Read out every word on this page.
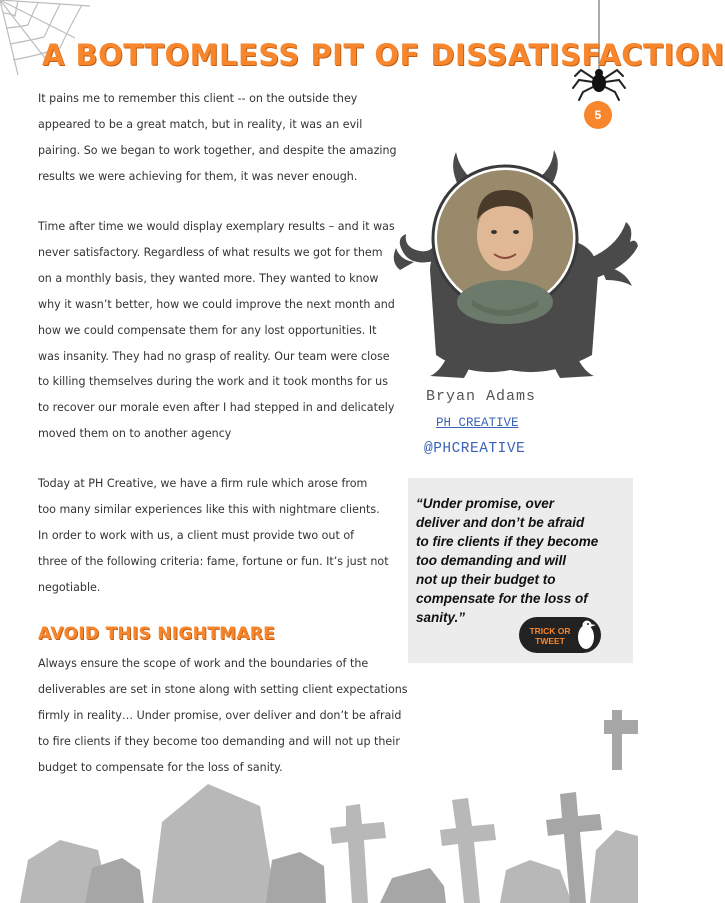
5
A BOTTOMLESS PIT OF DISSATISFACTION
It pains me to remember this client -- on the outside they
appeared to be a great match, but in reality, it was an evil
pairing. So we began to work together, and despite the amazing
results we were achieving for them, it was never enough.
Time after time we would display exemplary results – and it was
never satisfactory. Regardless of what results we got for them
on a monthly basis, they wanted more. They wanted to know
why it wasn’t better, how we could improve the next month and
how we could compensate them for any lost opportunities. It
was insanity. They had no grasp of reality. Our team were close
to killing themselves during the work and it took months for us
to recover our morale even after I had stepped in and delicately
moved them on to another agency
Today at PH Creative, we have a firm rule which arose from
too many similar experiences like this with nightmare clients.
In order to work with us, a client must provide two out of
three of the following criteria: fame, fortune or fun. It’s just not
negotiable.
AVOID THIS NIGHTMARE
Always ensure the scope of work and the boundaries of the
deliverables are set in stone along with setting client expectations
firmly in reality… Under promise, over deliver and don’t be afraid
to fire clients if they become too demanding and will not up their
budget to compensate for the loss of sanity.
Bryan Adams
PH CREATIVE
@PHCREATIVE
“Under promise, over
deliver and don’t be afraid
to fire clients if they become
too demanding and will
not up their budget to
compensate for the loss of
sanity.”
TRICK OR
TWEET
